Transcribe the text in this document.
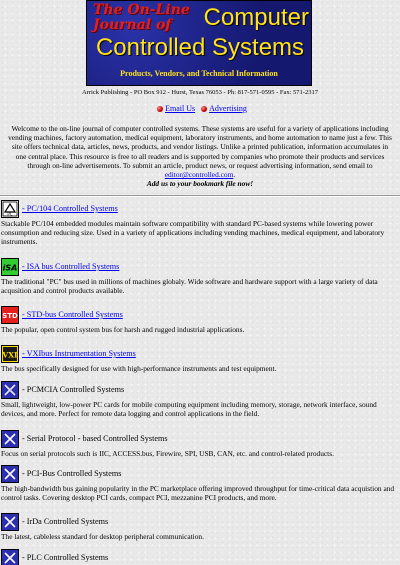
The On-Line Journal of	Computer
Controlled Systems
Products, Vendors, and Technical Information
Arrick Publishing - PO Box 912 - Hurst, Texas 76053 - Ph: 817-571-0595 - Fax: 571-2317
Email Us Advertising
Welcome to the on-line journal of computer controlled systems. These systems are useful for a variety of applications including vending machines, factory automation, medical equipment, laboratory instruments, and home automation to name just a few. This site offers technical data, articles, news, products, and vendor listings. Unlike a printed publication, information accumulates in one central place. This resource is free to all readers and is supported by companies who promote their products and services through on-line advertisements. To submit an article, product news, or request advertising information, send email to editor@controlled.com.
Add us to your bookmark file now!
PC
- PC/104 Controlled Systems
Stackable PC/104 embedded modules maintain software compatibility with standard PC-based systems while lowering power consumption and reducing size. Used in a variety of applications including vending machines, medical equipment, and laboratory instruments.
iSA - ISA bus Controlled Systems
The traditional "PC" bus used in millions of machines globaly. Wide software and hardware support with a large variety of data acqusition and control products available.
STD - STD-bus Controlled Systems
The popular, open control system bus for harsh and rugged industrial applications.
VXI - VXIbus Instrumentation Systems
The bus specifically designed for use with high-performance instruments and test equipment.
- PCMCIA Controlled Systems
Small, lightweight, low-power PC cards for mobile computing equipment including memory, storage, network interface, sound devices, and more. Perfect for remote data logging and control applications in the field.
- Serial Protocol - based Controlled Systems
Focus on serial protocols such is IIC, ACCESS.bus, Firewire, SPI, USB, CAN, etc. and control-related products.
- PCI-Bus Controlled Systems
The high-bandwidth bus gaining popularity in the PC marketplace offering improved throughput for time-critical data acquistion and control tasks. Covering desktop PCI cards, compact PCI, mezzanine PCI products, and more.
- IrDa Controlled Systems
The latest, cableless standard for desktop peripheral communication.
- PLC Controlled Systems
